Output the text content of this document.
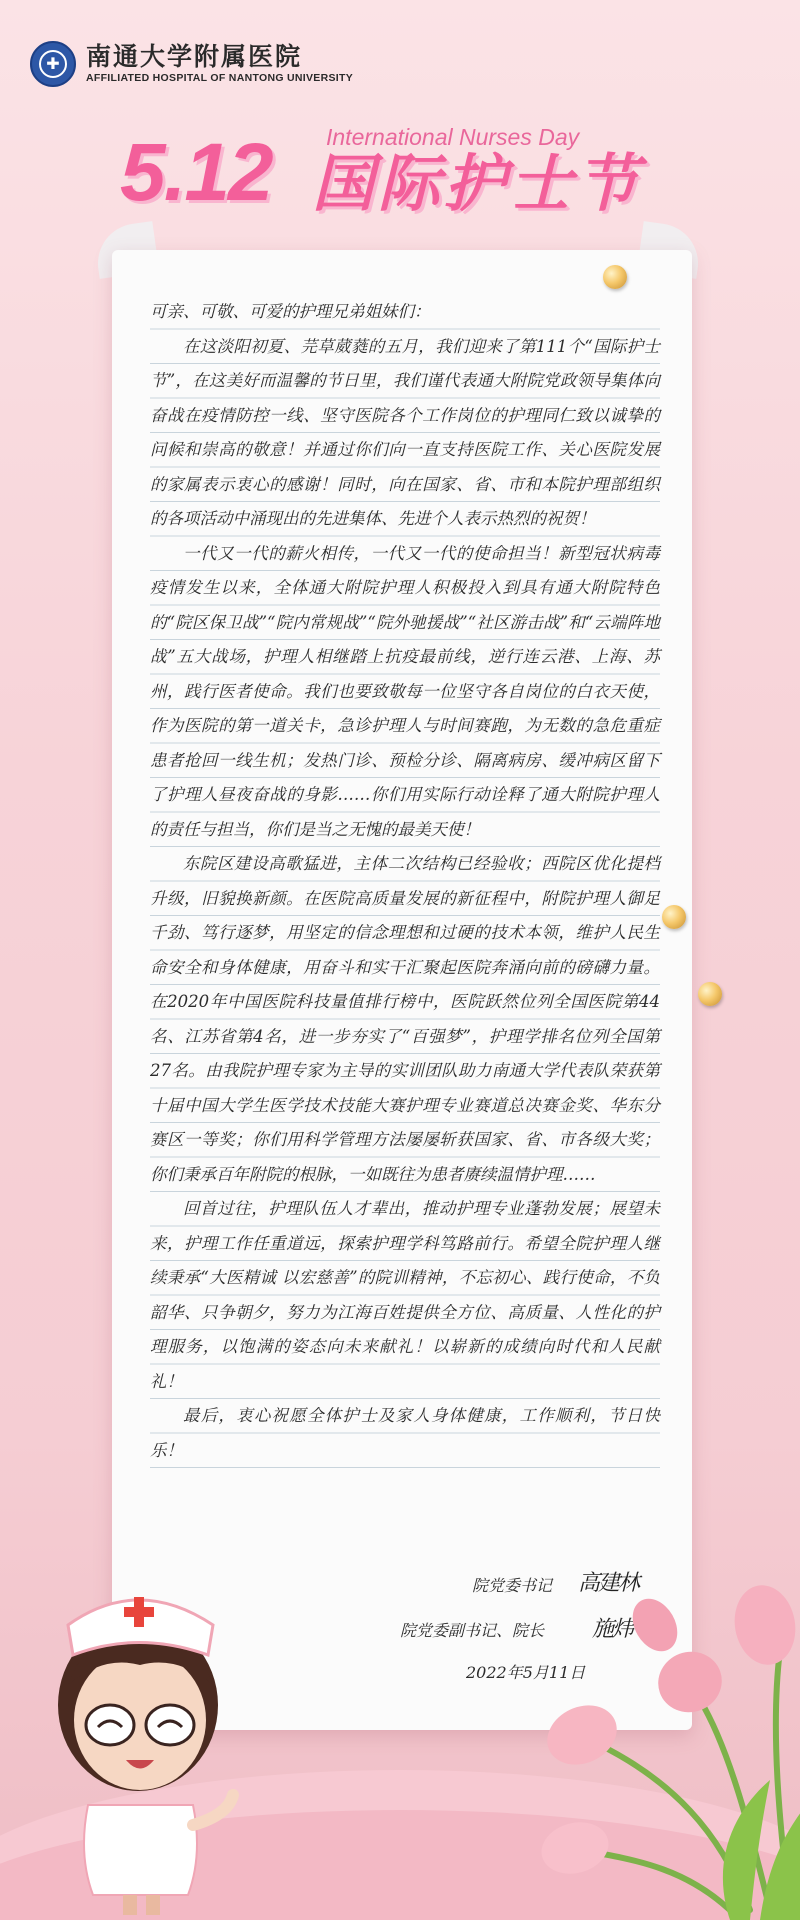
✚
南通大学附属医院
AFFILIATED HOSPITAL OF NANTONG UNIVERSITY
International Nurses Day
5.12 国际护士节

可亲、可敬、可爱的护理兄弟姐妹们：

在这淡阳初夏、芫草葳蕤的五月，我们迎来了第111个“国际护士节”，在这美好而温馨的节日里，我们谨代表通大附院党政领导集体向奋战在疫情防控一线、坚守医院各个工作岗位的护理同仁致以诚挚的问候和崇高的敬意！并通过你们向一直支持医院工作、关心医院发展的家属表示衷心的感谢！同时，向在国家、省、市和本院护理部组织的各项活动中涌现出的先进集体、先进个人表示热烈的祝贺！

一代又一代的薪火相传，一代又一代的使命担当！新型冠状病毒疫情发生以来，全体通大附院护理人积极投入到具有通大附院特色的“院区保卫战”“院内常规战”“院外驰援战”“社区游击战”和“云端阵地战”五大战场，护理人相继踏上抗疫最前线，逆行连云港、上海、苏州，践行医者使命。我们也要致敬每一位坚守各自岗位的白衣天使，作为医院的第一道关卡，急诊护理人与时间赛跑，为无数的急危重症患者抢回一线生机；发热门诊、预检分诊、隔离病房、缓冲病区留下了护理人昼夜奋战的身影……你们用实际行动诠释了通大附院护理人的责任与担当，你们是当之无愧的最美天使！

东院区建设高歌猛进，主体二次结构已经验收；西院区优化提档升级，旧貌换新颜。在医院高质量发展的新征程中，附院护理人御足千劲、笃行逐梦，用坚定的信念理想和过硬的技术本领，维护人民生命安全和身体健康，用奋斗和实干汇聚起医院奔涌向前的磅礴力量。在2020年中国医院科技量值排行榜中，医院跃然位列全国医院第44名、江苏省第4名，进一步夯实了“百强梦”，护理学排名位列全国第27名。由我院护理专家为主导的实训团队助力南通大学代表队荣获第十届中国大学生医学技术技能大赛护理专业赛道总决赛金奖、华东分赛区一等奖；你们用科学管理方法屡屡斩获国家、省、市各级大奖；你们秉承百年附院的根脉，一如既往为患者赓续温情护理……

回首过往，护理队伍人才辈出，推动护理专业蓬勃发展；展望未来，护理工作任重道远，探索护理学科笃路前行。希望全院护理人继续秉承“大医精诚 以宏慈善”的院训精神，不忘初心、践行使命，不负韶华、只争朝夕，努力为江海百姓提供全方位、高质量、人性化的护理服务，以饱满的姿态向未来献礼！以崭新的成绩向时代和人民献礼！

最后，衷心祝愿全体护士及家人身体健康，工作顺利，节日快乐！

院党委书记 高建林
院党委副书记、院长 施炜
2022年5月11日
